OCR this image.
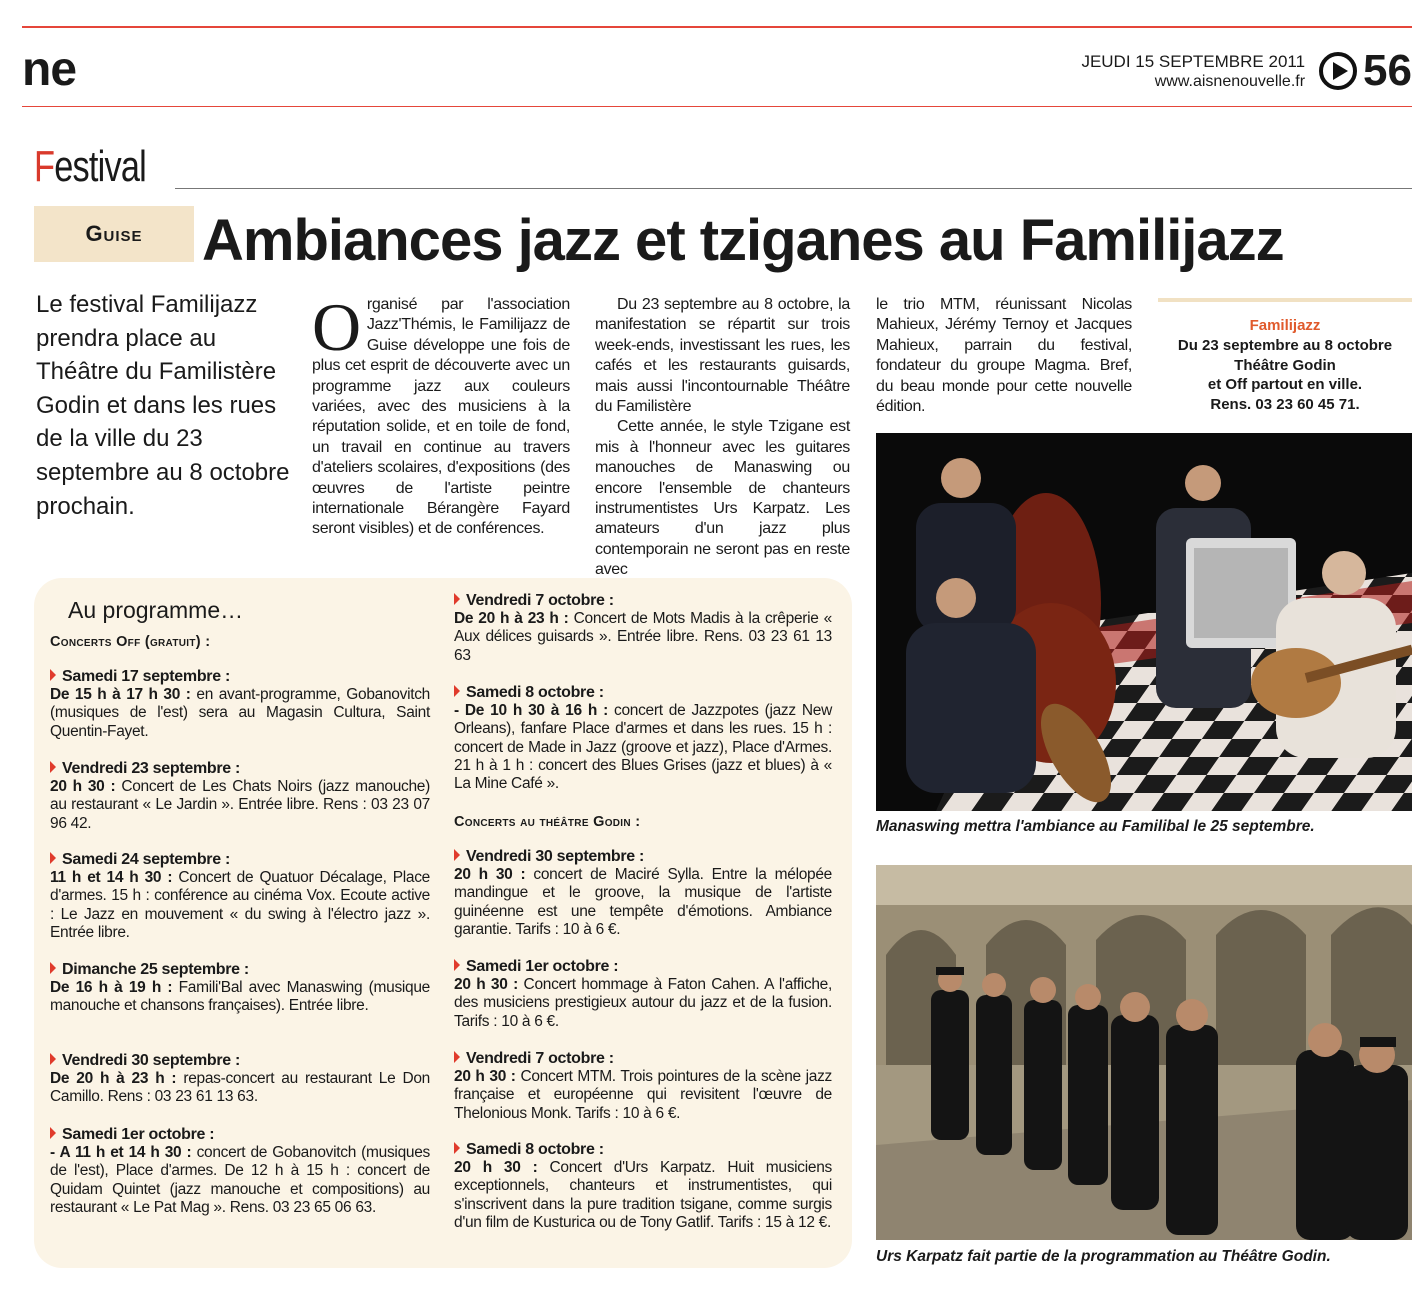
ne	JEUDI 15 SEPTEMBRE 2011
www.aisnenouvelle.fr 56
Festival
Guise Ambiances jazz et tziganes au Familijazz
Le festival Familijazz prendra place au Théâtre du Familistère Godin et dans les rues de la ville du 23 septembre au 8 octobre prochain.

Organisé par l'association Jazz'Thémis, le Familijazz de Guise développe une fois de plus cet esprit de découverte avec un programme jazz aux couleurs variées, avec des musiciens à la réputation solide, et en toile de fond, un travail en continue au travers d'ateliers scolaires, d'expositions (des œuvres de l'artiste peintre internationale Bérangère Fayard seront visibles) et de conférences.

Du 23 septembre au 8 octobre, la manifestation se répartit sur trois week-ends, investissant les rues, les cafés et les restaurants guisards, mais aussi l'incontournable Théâtre du Familistère

Cette année, le style Tzigane est mis à l'honneur avec les guitares manouches de Manaswing ou encore l'ensemble de chanteurs instrumentistes Urs Karpatz. Les amateurs d'un jazz plus contemporain ne seront pas en reste avec

le trio MTM, réunissant Nicolas Mahieux, Jérémy Ternoy et Jacques Mahieux, parrain du festival, fondateur du groupe Magma. Bref, du beau monde pour cette nouvelle édition.

Familijazz
Du 23 septembre au 8 octobre
Théâtre Godin
et Off partout en ville.
Rens. 03 23 60 45 71.
Manaswing mettra l'ambiance au Familibal le 25 septembre.
Urs Karpatz fait partie de la programmation au Théâtre Godin.
Au programme…
Concerts Off (gratuit) :
Samedi 17 septembre :
De 15 h à 17 h 30 : en avant-programme, Gobanovitch (musiques de l'est) sera au Magasin Cultura, Saint Quentin-Fayet.
Vendredi 23 septembre :
20 h 30 : Concert de Les Chats Noirs (jazz manouche) au restaurant « Le Jardin ». Entrée libre. Rens : 03 23 07 96 42.
Samedi 24 septembre :
11 h et 14 h 30 : Concert de Quatuor Décalage, Place d'armes. 15 h : conférence au cinéma Vox. Ecoute active : Le Jazz en mouvement « du swing à l'électro jazz ». Entrée libre.
Dimanche 25 septembre :
De 16 h à 19 h : Famili'Bal avec Manaswing (musique manouche et chansons françaises). Entrée libre.
Vendredi 30 septembre :
De 20 h à 23 h : repas-concert au restaurant Le Don Camillo. Rens : 03 23 61 13 63.
Samedi 1er octobre :
- A 11 h et 14 h 30 : concert de Gobanovitch (musiques de l'est), Place d'armes. De 12 h à 15 h : concert de Quidam Quintet (jazz manouche et compositions) au restaurant « Le Pat Mag ». Rens. 03 23 65 06 63.
Vendredi 7 octobre :
De 20 h à 23 h : Concert de Mots Madis à la crêperie « Aux délices guisards ». Entrée libre. Rens. 03 23 61 13 63
Samedi 8 octobre :
- De 10 h 30 à 16 h : concert de Jazzpotes (jazz New Orleans), fanfare Place d'armes et dans les rues. 15 h : concert de Made in Jazz (groove et jazz), Place d'Armes. 21 h à 1 h : concert des Blues Grises (jazz et blues) à « La Mine Café ».
Concerts au théâtre Godin :
Vendredi 30 septembre :
20 h 30 : concert de Maciré Sylla. Entre la mélopée mandingue et le groove, la musique de l'artiste guinéenne est une tempête d'émotions. Ambiance garantie. Tarifs : 10 à 6 €.
Samedi 1er octobre :
20 h 30 : Concert hommage à Faton Cahen. A l'affiche, des musiciens prestigieux autour du jazz et de la fusion. Tarifs : 10 à 6 €.
Vendredi 7 octobre :
20 h 30 : Concert MTM. Trois pointures de la scène jazz française et européenne qui revisitent l'œuvre de Thelonious Monk. Tarifs : 10 à 6 €.
Samedi 8 octobre :
20 h 30 : Concert d'Urs Karpatz. Huit musiciens exceptionnels, chanteurs et instrumentistes, qui s'inscrivent dans la pure tradition tsigane, comme surgis d'un film de Kusturica ou de Tony Gatlif. Tarifs : 15 à 12 €.
